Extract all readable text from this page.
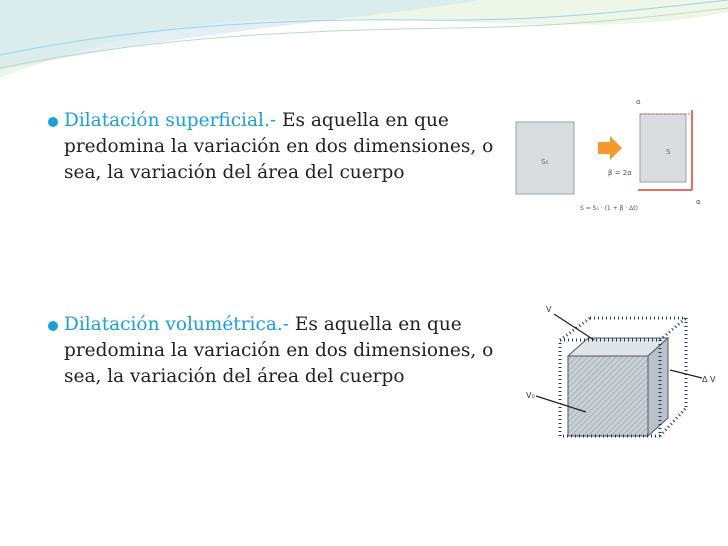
Dilatación superficial.- Es aquella en que predomina la variación en dos dimensiones, o sea, la variación del área del cuerpo

Dilatación volumétrica.- Es aquella en que predomina la variación en dos dimensiones, o sea, la variación del área del cuerpo

S₀
S
β = 2α
α
α
S = S₀ · (1 + β · Δt)
V
V₀
Δ V
